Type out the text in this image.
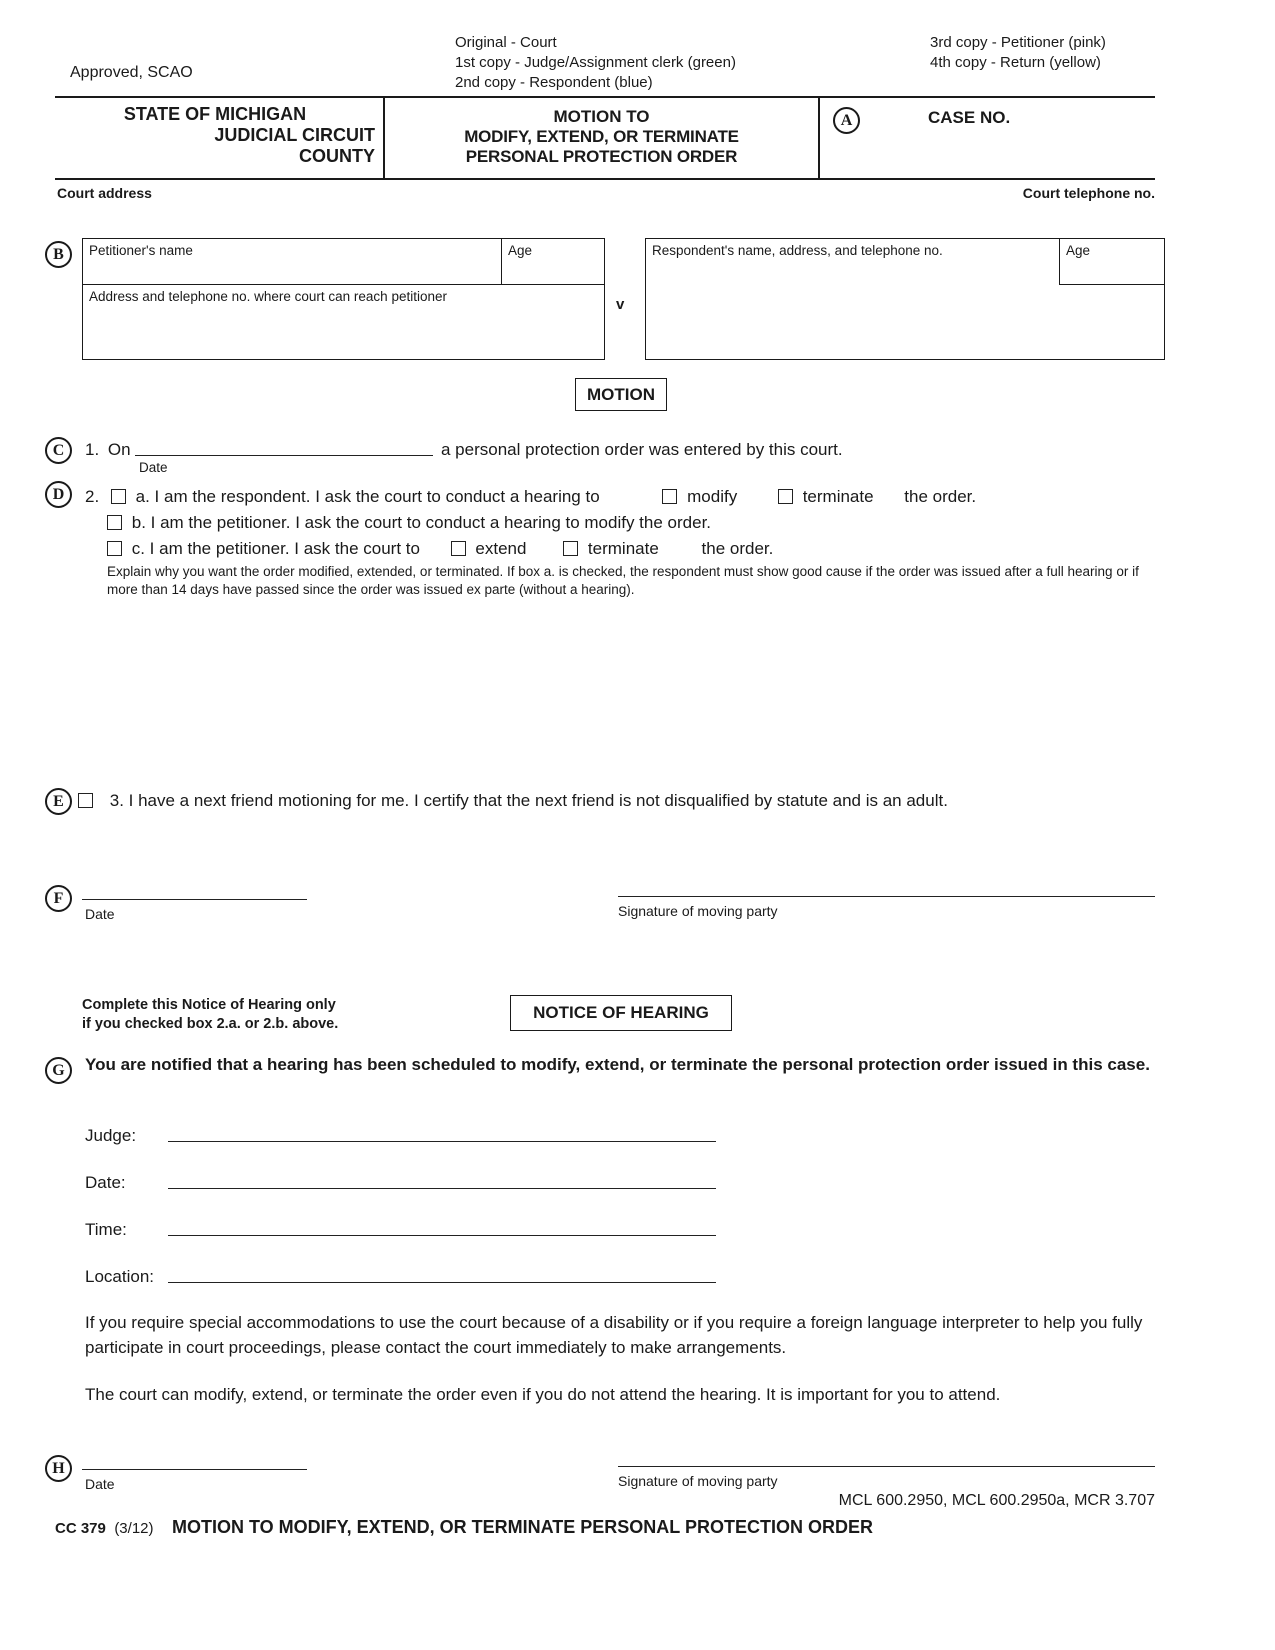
Approved, SCAO
Original - Court
1st copy - Judge/Assignment clerk (green)
2nd copy - Respondent (blue)
3rd copy - Petitioner (pink)
4th copy - Return (yellow)
STATE OF MICHIGAN
JUDICIAL CIRCUIT
COUNTY
MOTION TO
MODIFY, EXTEND, OR TERMINATE
PERSONAL PROTECTION ORDER
A	CASE NO.
Court address	Court telephone no.
B	Petitioner's name	Age
Address and telephone no. where court can reach petitioner	v
Respondent's name, address, and telephone no.	Age
MOTION
C	1. On
Date
a personal protection order was entered by this court.
D	2. a. I am the respondent. I ask the court to conduct a hearing to	modify	terminate the order.
b. I am the petitioner. I ask the court to conduct a hearing to modify the order.
c. I am the petitioner. I ask the court to	extend	terminate	the order.
Explain why you want the order modified, extended, or terminated. If box a. is checked, the respondent must show good cause if the order was issued after a full hearing or if more than 14 days have passed since the order was issued ex parte (without a hearing).
E	3. I have a next friend motioning for me. I certify that the next friend is not disqualified by statute and is an adult.
F
Date	Signature of moving party
Complete this Notice of Hearing only
if you checked box 2.a. or 2.b. above.
NOTICE OF HEARING
G	You are notified that a hearing has been scheduled to modify, extend, or terminate the personal protection order issued in this case.
Judge:
Date:
Time:
Location:
If you require special accommodations to use the court because of a disability or if you require a foreign language interpreter to help you fully participate in court proceedings, please contact the court immediately to make arrangements.
The court can modify, extend, or terminate the order even if you do not attend the hearing. It is important for you to attend.
H
Date	Signature of moving party
MCL 600.2950, MCL 600.2950a, MCR 3.707
CC 379 (3/12) MOTION TO MODIFY, EXTEND, OR TERMINATE PERSONAL PROTECTION ORDER
